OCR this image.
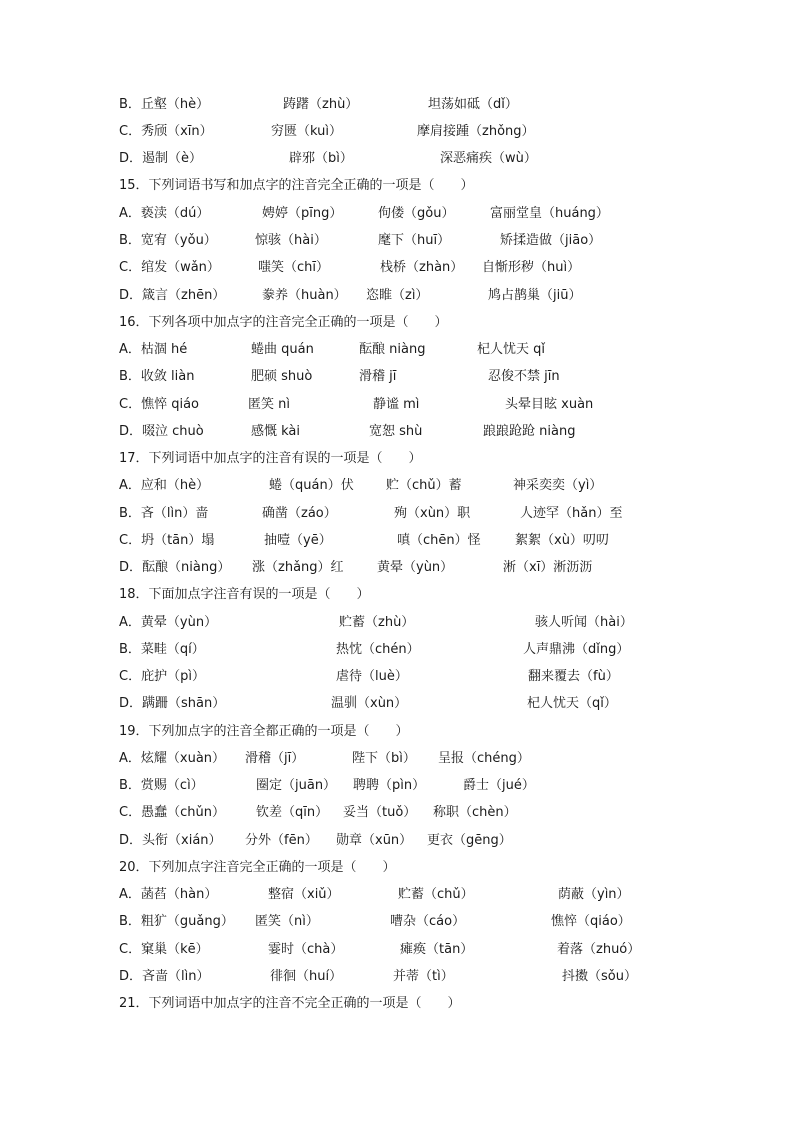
B．丘壑（hè）	踌躇（zhù）	坦荡如砥（dǐ）
C．秀颀（xīn）	穷匮（kuì）	摩肩接踵（zhǒng）
D．遏制（è）	辟邪（bì）	深恶痛疾（wù）
15．下列词语书写和加点字的注音完全正确的一项是（　　）
A．亵渎（dú）	娉婷（pīng）	佝偻（gǒu）	富丽堂皇（huáng）
B．宽宥（yǒu）	惊骇（hài）	麾下（huī）	矫揉造做（jiāo）
C．绾发（wǎn）	嗤笑（chī）	栈桥（zhàn） 自惭形秽（huì）
D．箴言（zhēn）	豢养（huàn） 恣睢（zì）	鸠占鹊巢（jiū）
16．下列各项中加点字的注音完全正确的一项是（　　）
A．枯涸 hé	蜷曲 quán	酝酿 niàng	杞人忧天 qǐ
B．收敛 liàn	肥硕 shuò	滑稽 jī	忍俊不禁 jīn
C．憔悴 qiáo	匿笑 nì	静谧 mì	头晕目眩 xuàn
D．啜泣 chuò	感慨 kài	宽恕 shù	踉踉跄跄 niàng
17．下列词语中加点字的注音有误的一项是（　　）
A．应和（hè）	蜷（quán）伏 贮（chǔ）蓄	神采奕奕（yì）
B．吝（lìn）啬	确凿（záo）	殉（xùn）职	人迹罕（hǎn）至
C．坍（tān）塌	抽噎（yē）	嗔（chēn）怪	絮絮（xù）叨叨
D．酝酿（niàng） 涨（zhǎng）红	黄晕（yùn）	淅（xī）淅沥沥
18．下面加点字注音有误的一项是（　　）
A．黄晕（yùn）	贮蓄（zhù）	骇人听闻（hài）
B．菜畦（qí）	热忱（chén）	人声鼎沸（dǐng）
C．庇护（pì）	虐待（luè）	翻来覆去（fù）
D．蹒跚（shān）	温驯（xùn）	杞人忧天（qǐ）
19．下列加点字的注音全都正确的一项是（　　）
A．炫耀（xuàn） 滑稽（jī）	陛下（bì） 呈报（chéng）
B．赏赐（cì）	圈定（juān） 聘聘（pìn）	爵士（jué）
C．愚蠢（chǔn） 钦差（qīn） 妥当（tuǒ） 称职（chèn）
D．头衔（xián） 分外（fēn） 勋章（xūn） 更衣（gēng）
20．下列加点字注音完全正确的一项是（　　）
A．菡萏（hàn）	整宿（xiǔ）	贮蓄（chǔ）	荫蔽（yìn）
B．粗犷（guǎng） 匿笑（nì）	嘈杂（cáo）	憔悴（qiáo）
C．窠巢（kē）	霎时（chà）	瘫痪（tān）	着落（zhuó）
D．吝啬（lìn）	徘徊（huí）	并蒂（tì）	抖擞（sǒu）
21．下列词语中加点字的注音不完全正确的一项是（　　）
